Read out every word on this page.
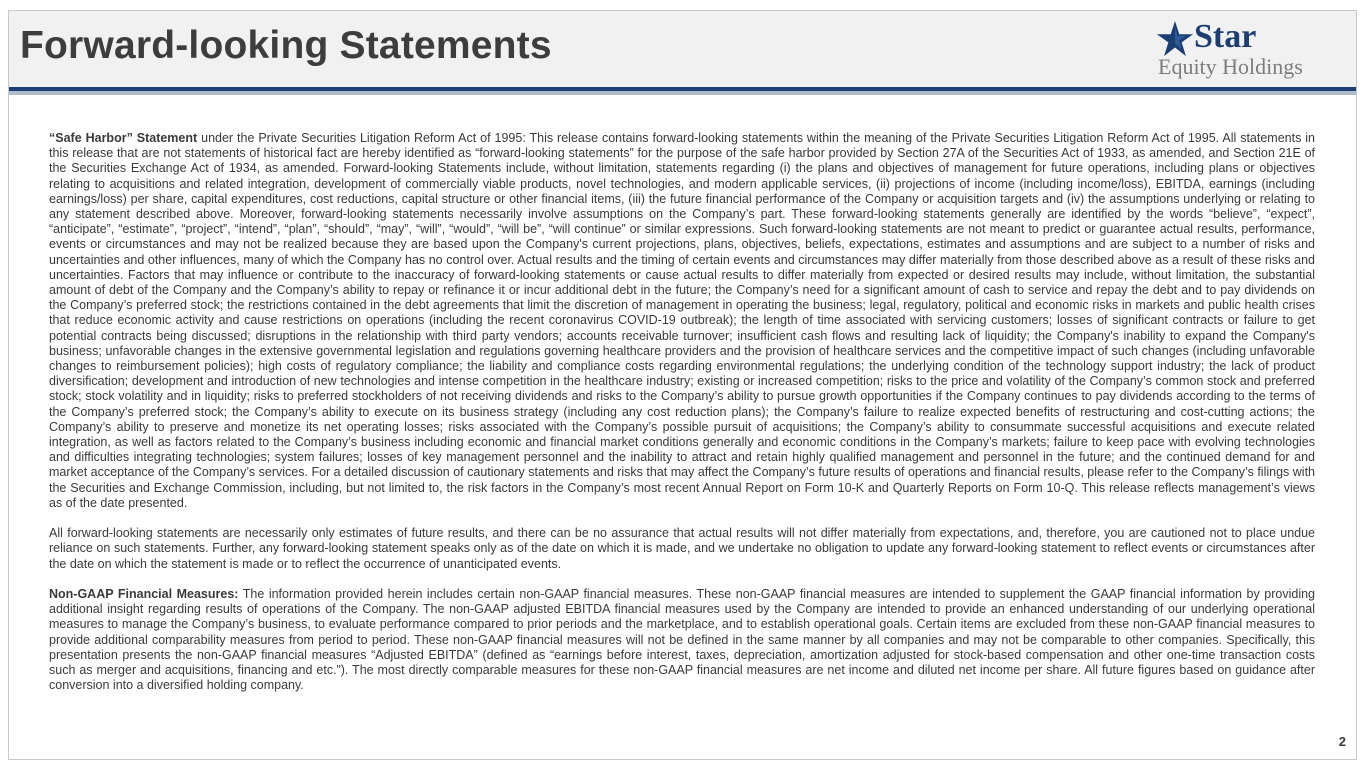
Forward-looking Statements	Star
Equity Holdings

“Safe Harbor” Statement under the Private Securities Litigation Reform Act of 1995: This release contains forward-looking statements within the meaning of the Private Securities Litigation Reform Act of 1995. All statements in this release that are not statements of historical fact are hereby identified as “forward-looking statements” for the purpose of the safe harbor provided by Section 27A of the Securities Act of 1933, as amended, and Section 21E of the Securities Exchange Act of 1934, as amended. Forward-looking Statements include, without limitation, statements regarding (i) the plans and objectives of management for future operations, including plans or objectives relating to acquisitions and related integration, development of commercially viable products, novel technologies, and modern applicable services, (ii) projections of income (including income/loss), EBITDA, earnings (including earnings/loss) per share, capital expenditures, cost reductions, capital structure or other financial items, (iii) the future financial performance of the Company or acquisition targets and (iv) the assumptions underlying or relating to any statement described above. Moreover, forward-looking statements necessarily involve assumptions on the Company’s part. These forward-looking statements generally are identified by the words “believe”, “expect”, “anticipate”, “estimate”, “project”, “intend”, “plan”, “should”, “may”, “will”, “would”, “will be”, “will continue” or similar expressions. Such forward-looking statements are not meant to predict or guarantee actual results, performance, events or circumstances and may not be realized because they are based upon the Company's current projections, plans, objectives, beliefs, expectations, estimates and assumptions and are subject to a number of risks and uncertainties and other influences, many of which the Company has no control over. Actual results and the timing of certain events and circumstances may differ materially from those described above as a result of these risks and uncertainties. Factors that may influence or contribute to the inaccuracy of forward-looking statements or cause actual results to differ materially from expected or desired results may include, without limitation, the substantial amount of debt of the Company and the Company’s ability to repay or refinance it or incur additional debt in the future; the Company’s need for a significant amount of cash to service and repay the debt and to pay dividends on the Company’s preferred stock; the restrictions contained in the debt agreements that limit the discretion of management in operating the business; legal, regulatory, political and economic risks in markets and public health crises that reduce economic activity and cause restrictions on operations (including the recent coronavirus COVID-19 outbreak); the length of time associated with servicing customers; losses of significant contracts or failure to get potential contracts being discussed; disruptions in the relationship with third party vendors; accounts receivable turnover; insufficient cash flows and resulting lack of liquidity; the Company's inability to expand the Company's business; unfavorable changes in the extensive governmental legislation and regulations governing healthcare providers and the provision of healthcare services and the competitive impact of such changes (including unfavorable changes to reimbursement policies); high costs of regulatory compliance; the liability and compliance costs regarding environmental regulations; the underlying condition of the technology support industry; the lack of product diversification; development and introduction of new technologies and intense competition in the healthcare industry; existing or increased competition; risks to the price and volatility of the Company’s common stock and preferred stock; stock volatility and in liquidity; risks to preferred stockholders of not receiving dividends and risks to the Company’s ability to pursue growth opportunities if the Company continues to pay dividends according to the terms of the Company’s preferred stock; the Company’s ability to execute on its business strategy (including any cost reduction plans); the Company’s failure to realize expected benefits of restructuring and cost-cutting actions; the Company’s ability to preserve and monetize its net operating losses; risks associated with the Company’s possible pursuit of acquisitions; the Company’s ability to consummate successful acquisitions and execute related integration, as well as factors related to the Company’s business including economic and financial market conditions generally and economic conditions in the Company’s markets; failure to keep pace with evolving technologies and difficulties integrating technologies; system failures; losses of key management personnel and the inability to attract and retain highly qualified management and personnel in the future; and the continued demand for and market acceptance of the Company’s services. For a detailed discussion of cautionary statements and risks that may affect the Company’s future results of operations and financial results, please refer to the Company’s filings with the Securities and Exchange Commission, including, but not limited to, the risk factors in the Company’s most recent Annual Report on Form 10-K and Quarterly Reports on Form 10-Q. This release reflects management’s views as of the date presented.

All forward-looking statements are necessarily only estimates of future results, and there can be no assurance that actual results will not differ materially from expectations, and, therefore, you are cautioned not to place undue reliance on such statements. Further, any forward-looking statement speaks only as of the date on which it is made, and we undertake no obligation to update any forward-looking statement to reflect events or circumstances after the date on which the statement is made or to reflect the occurrence of unanticipated events.

Non-GAAP Financial Measures: The information provided herein includes certain non-GAAP financial measures. These non-GAAP financial measures are intended to supplement the GAAP financial information by providing additional insight regarding results of operations of the Company. The non-GAAP adjusted EBITDA financial measures used by the Company are intended to provide an enhanced understanding of our underlying operational measures to manage the Company’s business, to evaluate performance compared to prior periods and the marketplace, and to establish operational goals. Certain items are excluded from these non-GAAP financial measures to provide additional comparability measures from period to period. These non-GAAP financial measures will not be defined in the same manner by all companies and may not be comparable to other companies. Specifically, this presentation presents the non-GAAP financial measures “Adjusted EBITDA” (defined as “earnings before interest, taxes, depreciation, amortization adjusted for stock-based compensation and other one-time transaction costs such as merger and acquisitions, financing and etc.”). The most directly comparable measures for these non-GAAP financial measures are net income and diluted net income per share. All future figures based on guidance after conversion into a diversified holding company.

2
